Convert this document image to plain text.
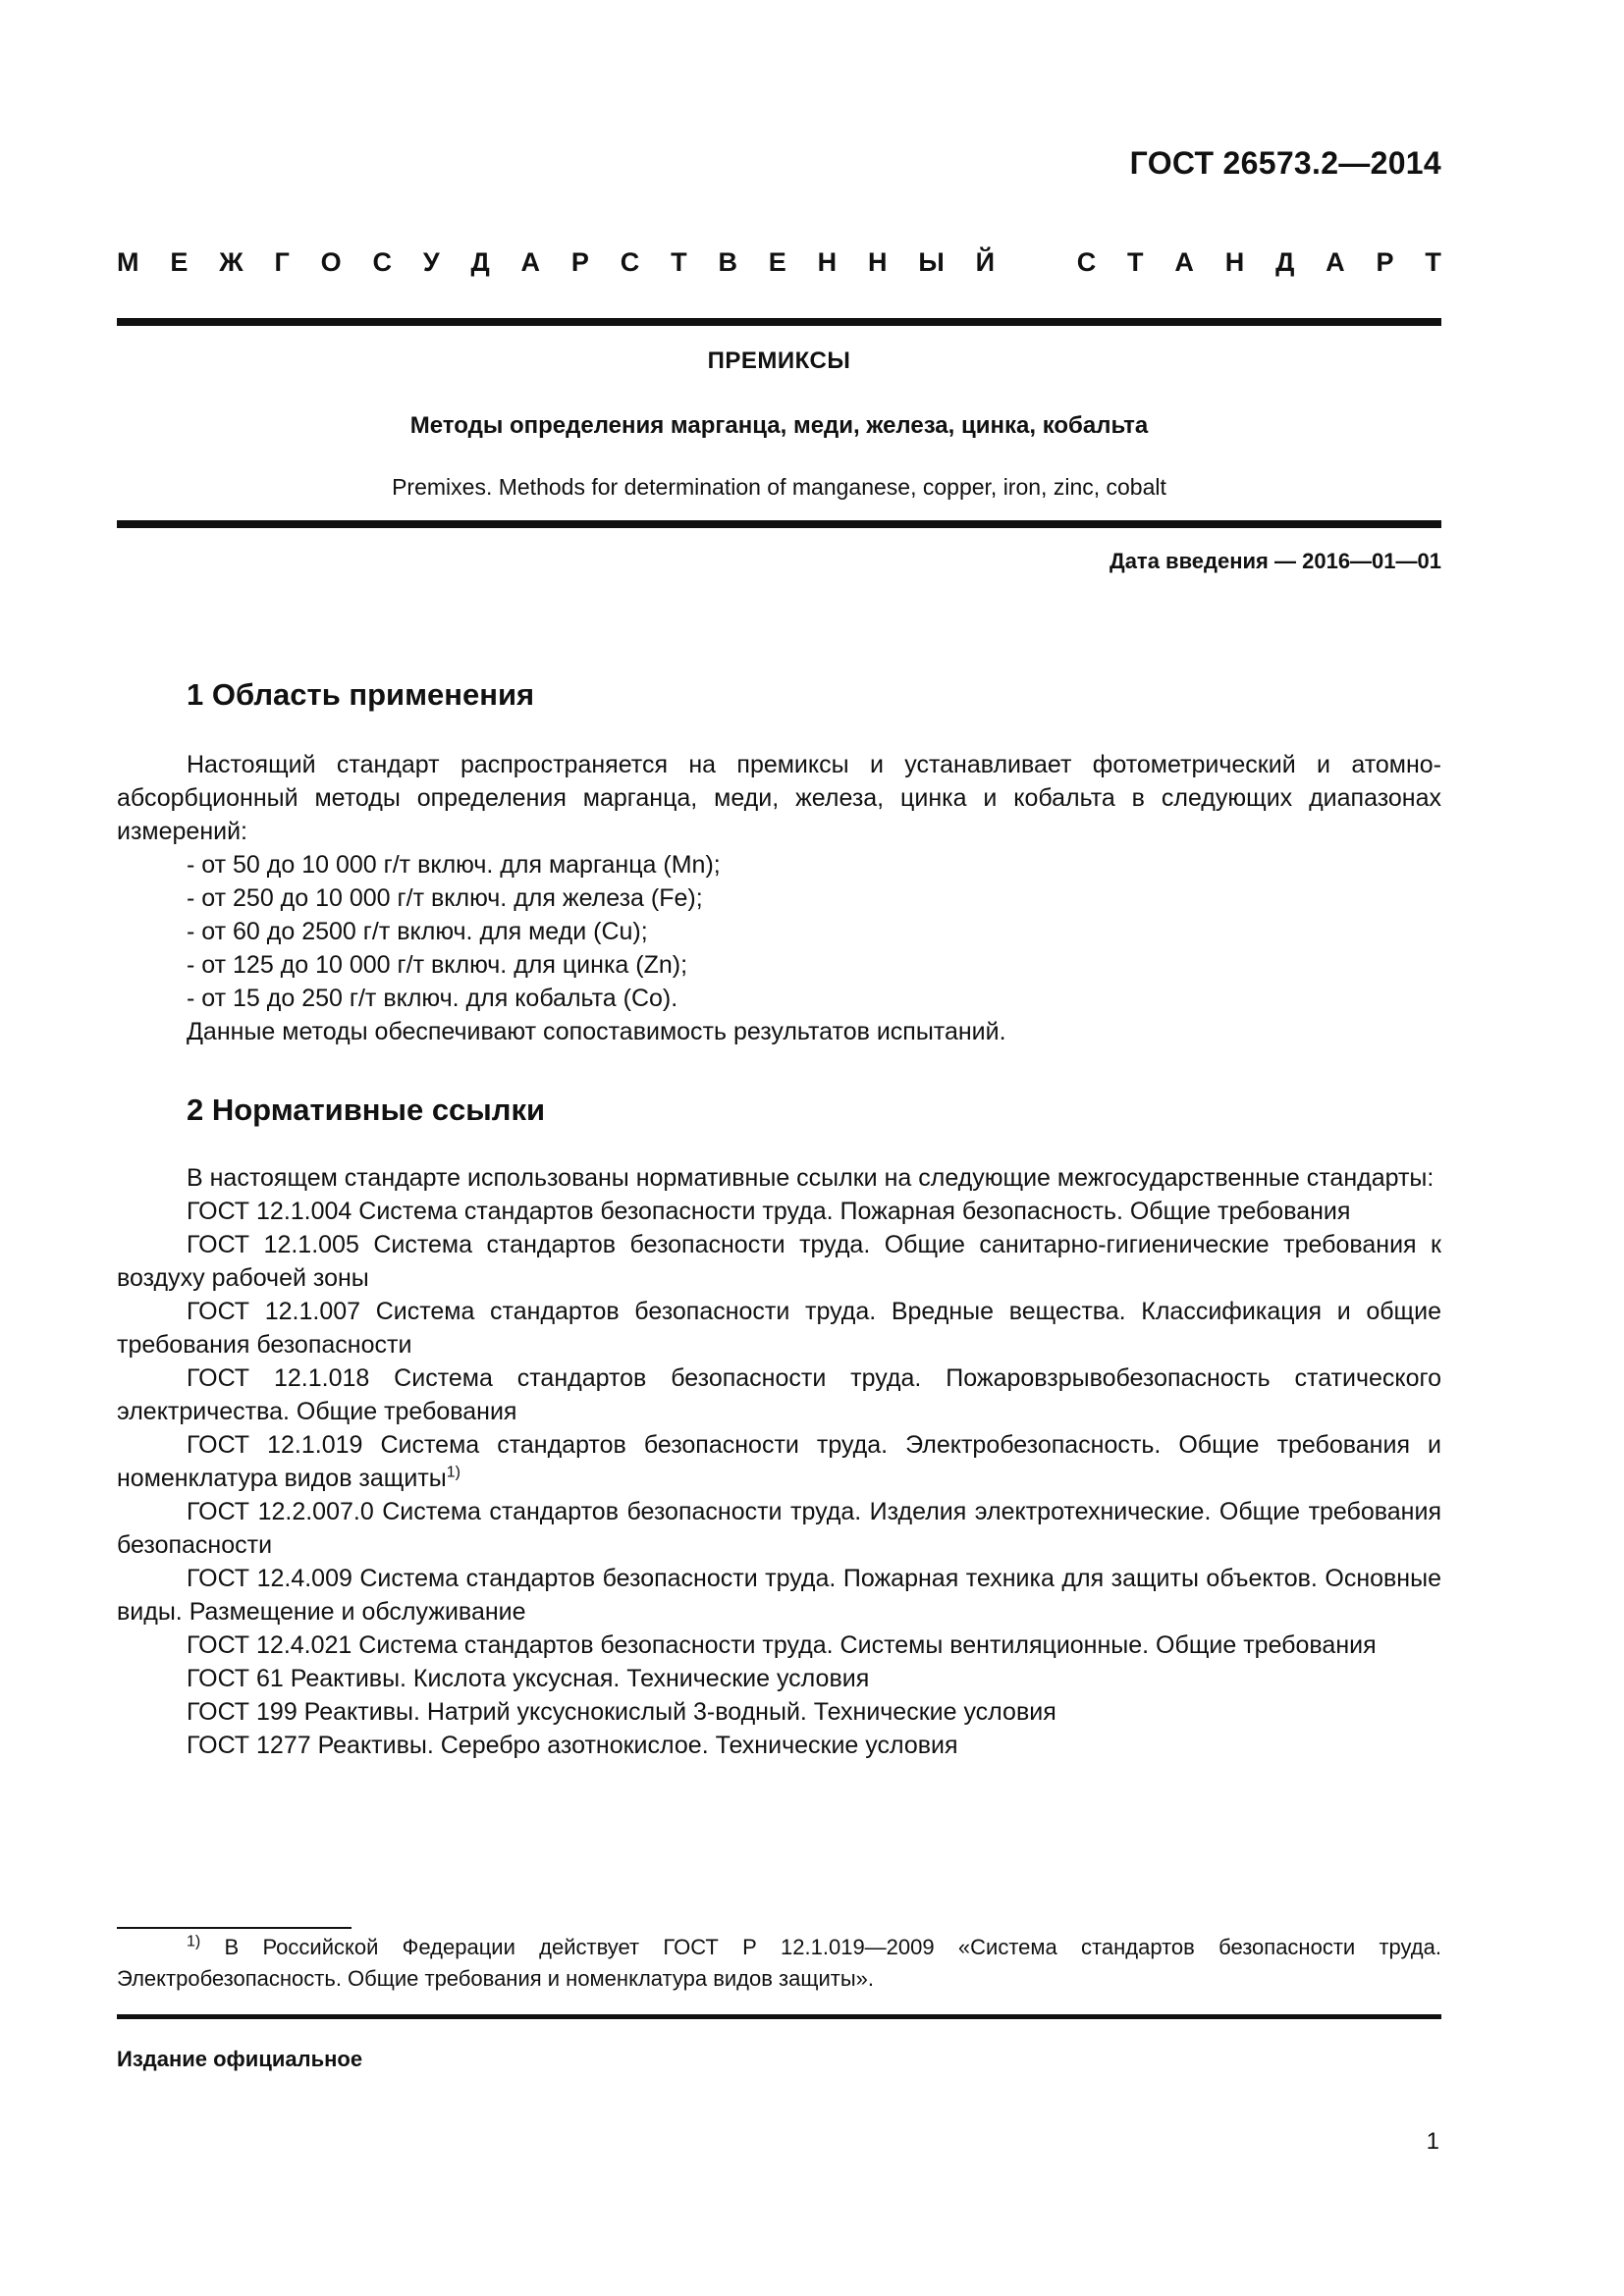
ГОСТ 26573.2—2014
М Е Ж Г О С У Д А Р С Т В Е Н Н Ы Й	С Т А Н Д А Р Т
ПРЕМИКСЫ
Методы определения марганца, меди, железа, цинка, кобальта
Premixes. Methods for determination of manganese, copper, iron, zinc, cobalt
Дата введения — 2016—01—01
1 Область применения

Настоящий стандарт распространяется на премиксы и устанавливает фотометрический и атомно-абсорбционный методы определения марганца, меди, железа, цинка и кобальта в следующих диапазонах измерений:

- от 50 до 10 000 г/т включ. для марганца (Mn);

- от 250 до 10 000 г/т включ. для железа (Fe);

- от 60 до 2500 г/т включ. для меди (Cu);

- от 125 до 10 000 г/т включ. для цинка (Zn);

- от 15 до 250 г/т включ. для кобальта (Co).

Данные методы обеспечивают сопоставимость результатов испытаний.

2 Нормативные ссылки

В настоящем стандарте использованы нормативные ссылки на следующие межгосударственные стандарты:

ГОСТ 12.1.004 Система стандартов безопасности труда. Пожарная безопасность. Общие требования

ГОСТ 12.1.005 Система стандартов безопасности труда. Общие санитарно-гигиенические требования к воздуху рабочей зоны

ГОСТ 12.1.007 Система стандартов безопасности труда. Вредные вещества. Классификация и общие требования безопасности

ГОСТ 12.1.018 Система стандартов безопасности труда. Пожаровзрывобезопасность статического электричества. Общие требования

ГОСТ 12.1.019 Система стандартов безопасности труда. Электробезопасность. Общие требования и номенклатура видов защиты$^{1)}$

ГОСТ 12.2.007.0 Система стандартов безопасности труда. Изделия электротехнические. Общие требования безопасности

ГОСТ 12.4.009 Система стандартов безопасности труда. Пожарная техника для защиты объектов. Основные виды. Размещение и обслуживание

ГОСТ 12.4.021 Система стандартов безопасности труда. Системы вентиляционные. Общие требования

ГОСТ 61 Реактивы. Кислота уксусная. Технические условия

ГОСТ 199 Реактивы. Натрий уксуснокислый 3-водный. Технические условия

ГОСТ 1277 Реактивы. Серебро азотнокислое. Технические условия

$^{1)}$ В Российской Федерации действует ГОСТ Р 12.1.019—2009 «Система стандартов безопасности труда. Электробезопасность. Общие требования и номенклатура видов защиты».

Издание официальное
1
